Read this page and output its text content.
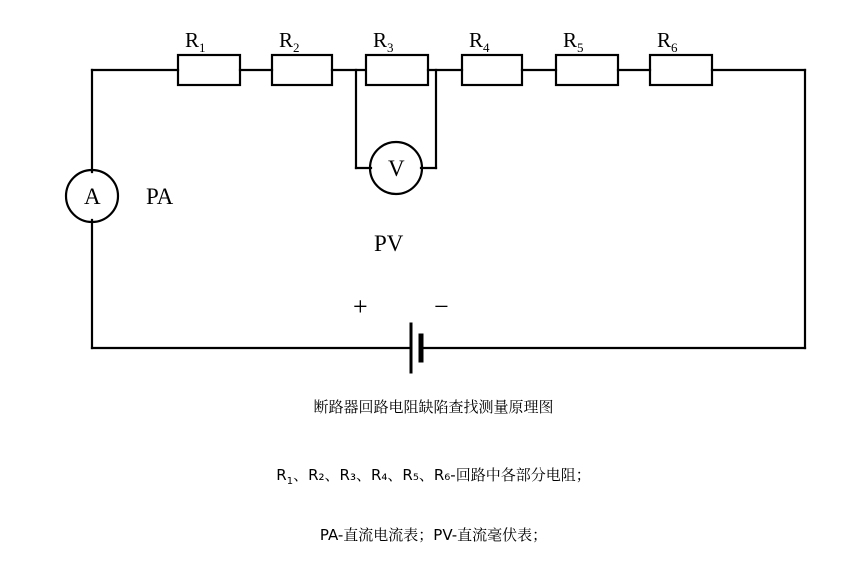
$R_1$	$R_2$	$R_3$	$R_4$	$R_5$	$R_6$
A
V
PA
PV
+	−
断路器回路电阻缺陷查找测量原理图
$R_1$、R₂、R₃、R₄、R₅、R₆-回路中各部分电阻；
PA-直流电流表；PV-直流毫伏表；
